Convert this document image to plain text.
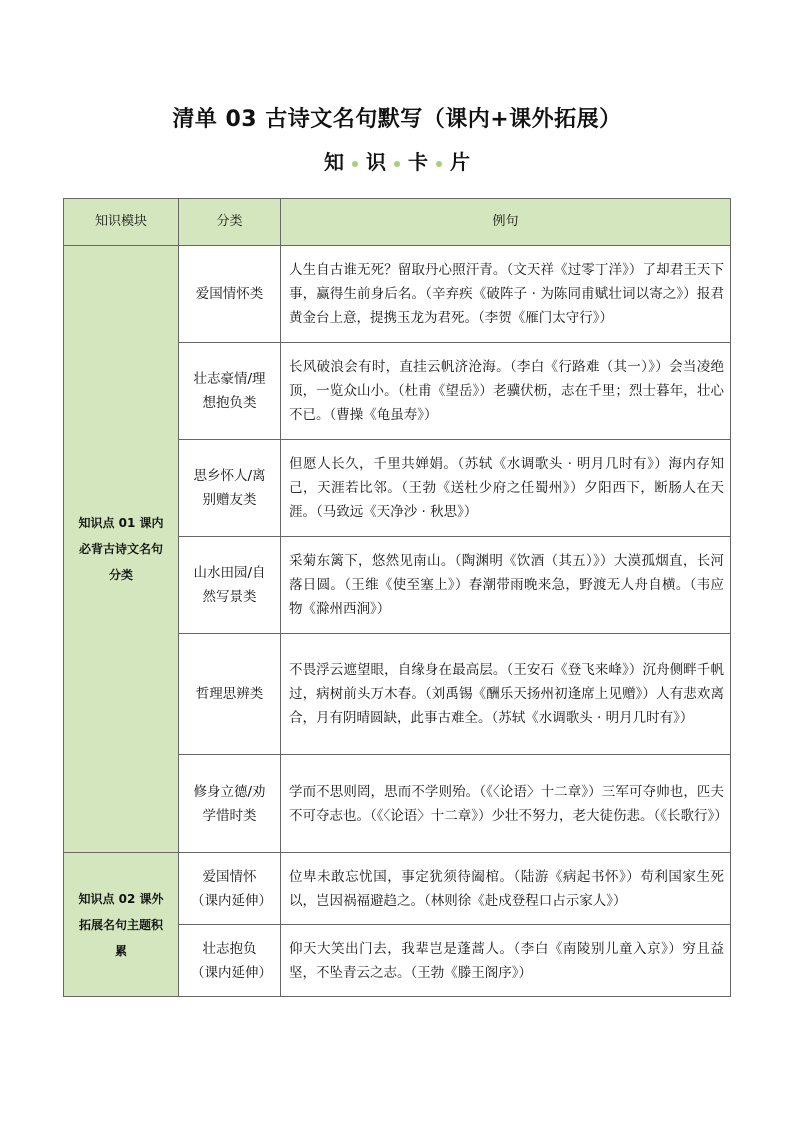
清单 03 古诗文名句默写（课内+课外拓展）
知 识 卡 片
知识模块	分类	例句
知识点 01 课内必背古诗文名句分类	爱国情怀类	人生自古谁无死？留取丹心照汗青。（文天祥《过零丁洋》）了却君王天下事，赢得生前身后名。（辛弃疾《破阵子 · 为陈同甫赋壮词以寄之》）报君黄金台上意，提携玉龙为君死。（李贺《雁门太守行》）
	壮志豪情/理想抱负类	长风破浪会有时，直挂云帆济沧海。（李白《行路难（其一）》）会当凌绝顶，一览众山小。（杜甫《望岳》）老骥伏枥，志在千里；烈士暮年，壮心不已。（曹操《龟虽寿》）
	思乡怀人/离别赠友类	但愿人长久，千里共婵娟。（苏轼《水调歌头 · 明月几时有》）海内存知己，天涯若比邻。（王勃《送杜少府之任蜀州》）夕阳西下，断肠人在天涯。（马致远《天净沙 · 秋思》）
	山水田园/自然写景类	采菊东篱下，悠然见南山。（陶渊明《饮酒（其五）》）大漠孤烟直，长河落日圆。（王维《使至塞上》）春潮带雨晚来急，野渡无人舟自横。（韦应物《滁州西涧》）
	哲理思辨类	不畏浮云遮望眼，自缘身在最高层。（王安石《登飞来峰》）沉舟侧畔千帆过，病树前头万木春。（刘禹锡《酬乐天扬州初逢席上见赠》）人有悲欢离合，月有阴晴圆缺，此事古难全。（苏轼《水调歌头 · 明月几时有》）
	修身立德/劝学惜时类	学而不思则罔，思而不学则殆。（《〈论语〉十二章》）三军可夺帅也，匹夫不可夺志也。（《〈论语〉十二章》）少壮不努力，老大徒伤悲。（《长歌行》）
知识点 02 课外拓展名句主题积累	爱国情怀（课内延伸）	位卑未敢忘忧国，事定犹须待阖棺。（陆游《病起书怀》）苟利国家生死以，岂因祸福避趋之。（林则徐《赴戍登程口占示家人》）
	壮志抱负（课内延伸）	仰天大笑出门去，我辈岂是蓬蒿人。（李白《南陵别儿童入京》）穷且益坚，不坠青云之志。（王勃《滕王阁序》）
